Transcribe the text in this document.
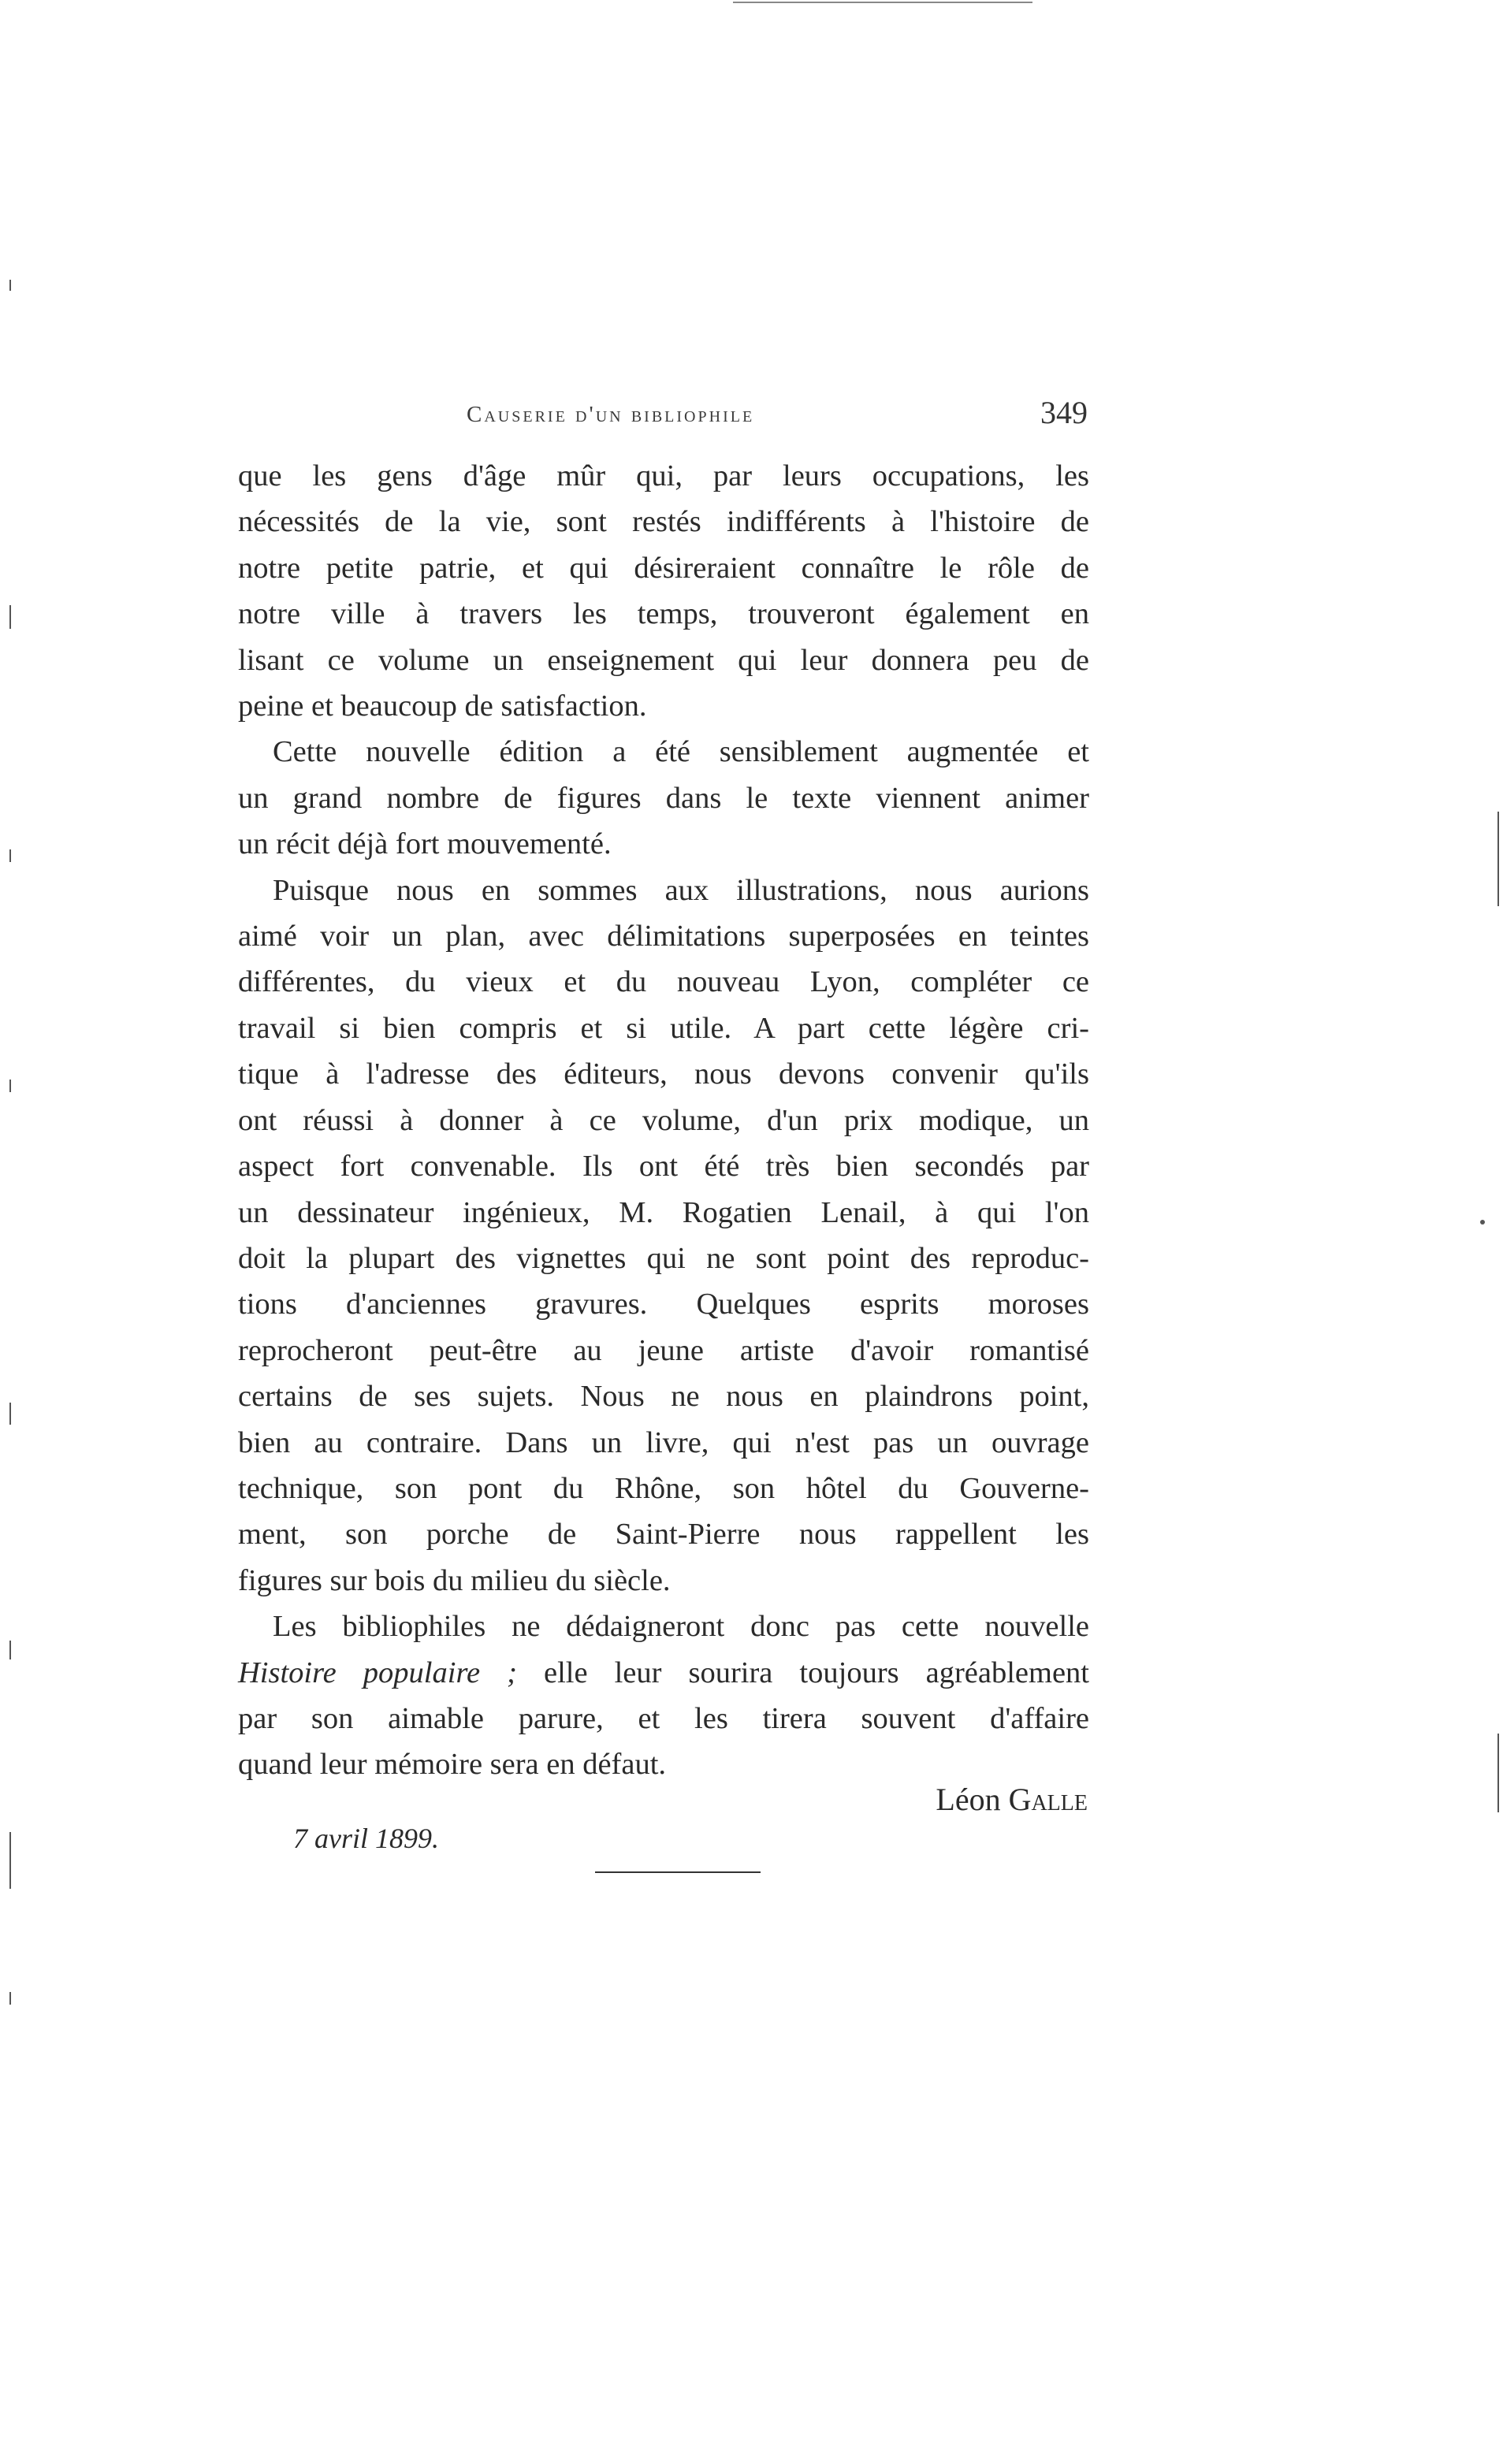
Causerie d'un bibliophile	349

que les gens d'âge mûr qui, par leurs occupations, les
nécessités de la vie, sont restés indifférents à l'histoire de
notre petite patrie, et qui désireraient connaître le rôle de
notre ville à travers les temps, trouveront également en
lisant ce volume un enseignement qui leur donnera peu de
peine et beaucoup de satisfaction.

Cette nouvelle édition a été sensiblement augmentée et
un grand nombre de figures dans le texte viennent animer
un récit déjà fort mouvementé.

Puisque nous en sommes aux illustrations, nous aurions
aimé voir un plan, avec délimitations superposées en teintes
différentes, du vieux et du nouveau Lyon, compléter ce
travail si bien compris et si utile. A part cette légère cri-
tique à l'adresse des éditeurs, nous devons convenir qu'ils
ont réussi à donner à ce volume, d'un prix modique, un
aspect fort convenable. Ils ont été très bien secondés par
un dessinateur ingénieux, M. Rogatien Lenail, à qui l'on
doit la plupart des vignettes qui ne sont point des reproduc-
tions d'anciennes gravures. Quelques esprits moroses
reprocheront peut-être au jeune artiste d'avoir romantisé
certains de ses sujets. Nous ne nous en plaindrons point,
bien au contraire. Dans un livre, qui n'est pas un ouvrage
technique, son pont du Rhône, son hôtel du Gouverne-
ment, son porche de Saint-Pierre nous rappellent les
figures sur bois du milieu du siècle.

Les bibliophiles ne dédaigneront donc pas cette nouvelle
Histoire populaire ; elle leur sourira toujours agréablement
par son aimable parure, et les tirera souvent d'affaire
quand leur mémoire sera en défaut.

Léon Galle
7 avril 1899.
